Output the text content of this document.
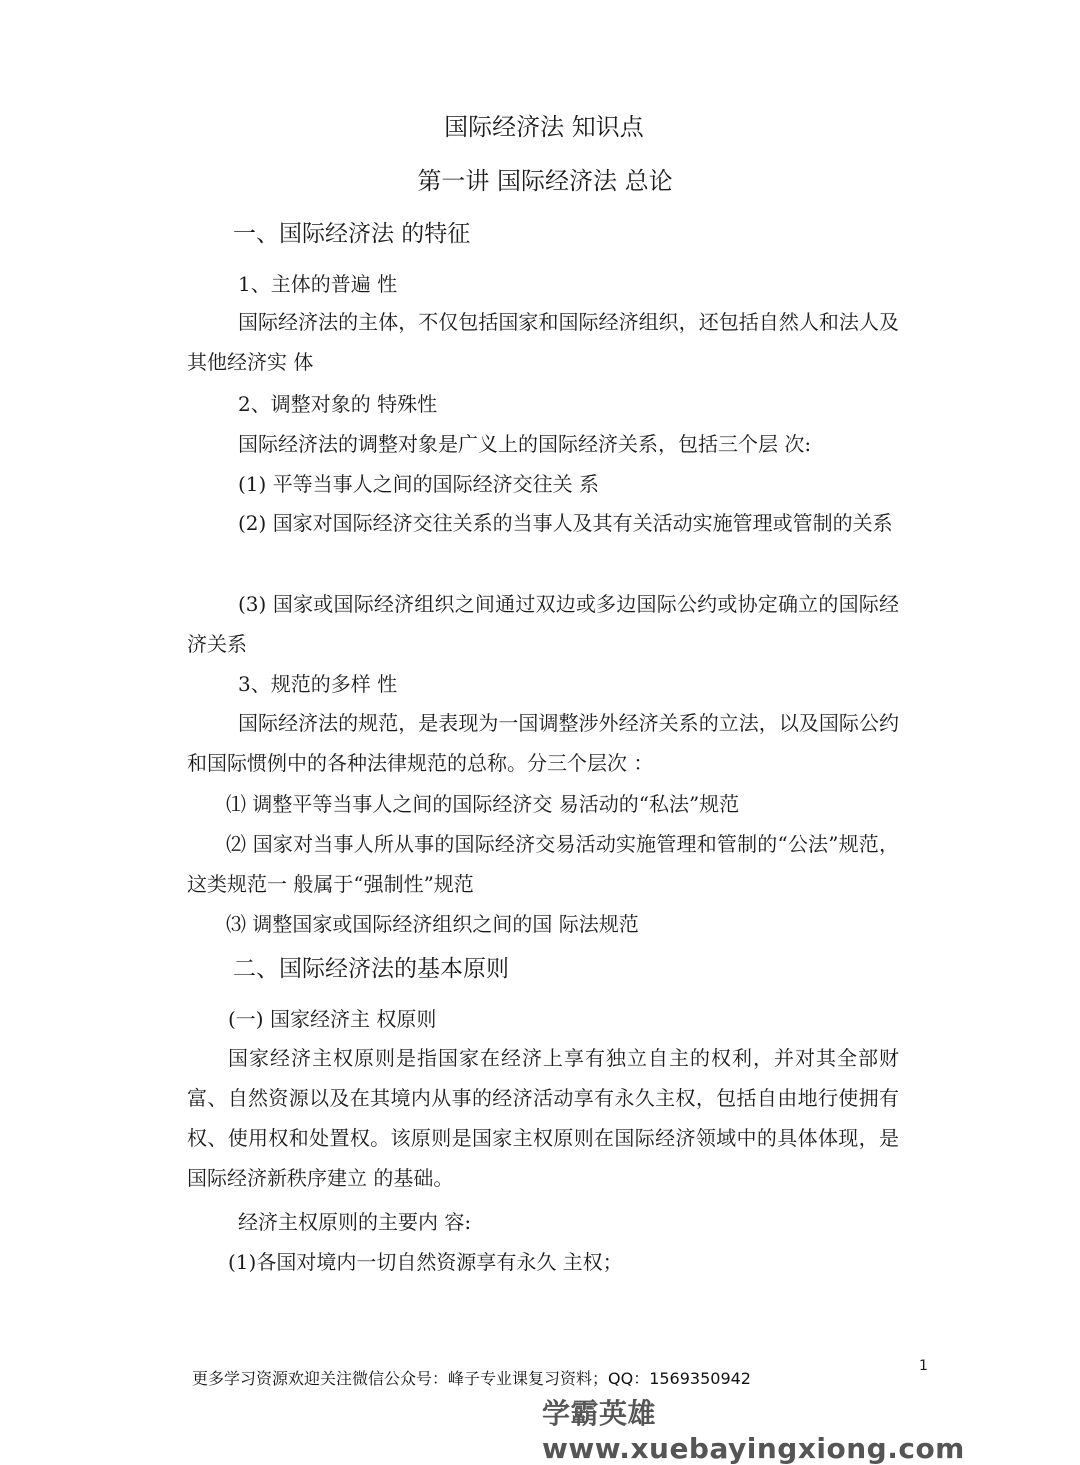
国际经济法 知识点
第一讲 国际经济法 总论
一、国际经济法 的特征
1、主体的普遍 性
国际经济法的主体，不仅包括国家和国际经济组织，还包括自然人和法人及其他经济实 体
2、调整对象的 特殊性
国际经济法的调整对象是广义上的国际经济关系，包括三个层 次:
(1) 平等当事人之间的国际经济交往关 系
(2) 国家对国际经济交往关系的当事人及其有关活动实施管理或管制的关系
(3) 国家或国际经济组织之间通过双边或多边国际公约或协定确立的国际经济关系
3、规范的多样 性
国际经济法的规范，是表现为一国调整涉外经济关系的立法，以及国际公约和国际惯例中的各种法律规范的总称。分三个层次 ：
⑴ 调整平等当事人之间的国际经济交 易活动的“私法”规范
⑵ 国家对当事人所从事的国际经济交易活动实施管理和管制的“公法”规范，这类规范一 般属于“强制性”规范
⑶ 调整国家或国际经济组织之间的国 际法规范
二、国际经济法的基本原则
(一) 国家经济主 权原则
国家经济主权原则是指国家在经济上享有独立自主的权利，并对其全部财富、自然资源以及在其境内从事的经济活动享有永久主权，包括自由地行使拥有权、使用权和处置权。该原则是国家主权原则在国际经济领域中的具体体现，是国际经济新秩序建立 的基础。
经济主权原则的主要内 容:
(1)各国对境内一切自然资源享有永久 主权；
1
更多学习资源欢迎关注微信公众号：峰子专业课复习资料；QQ：1569350942
学霸英雄 www.xuebayingxiong.com
